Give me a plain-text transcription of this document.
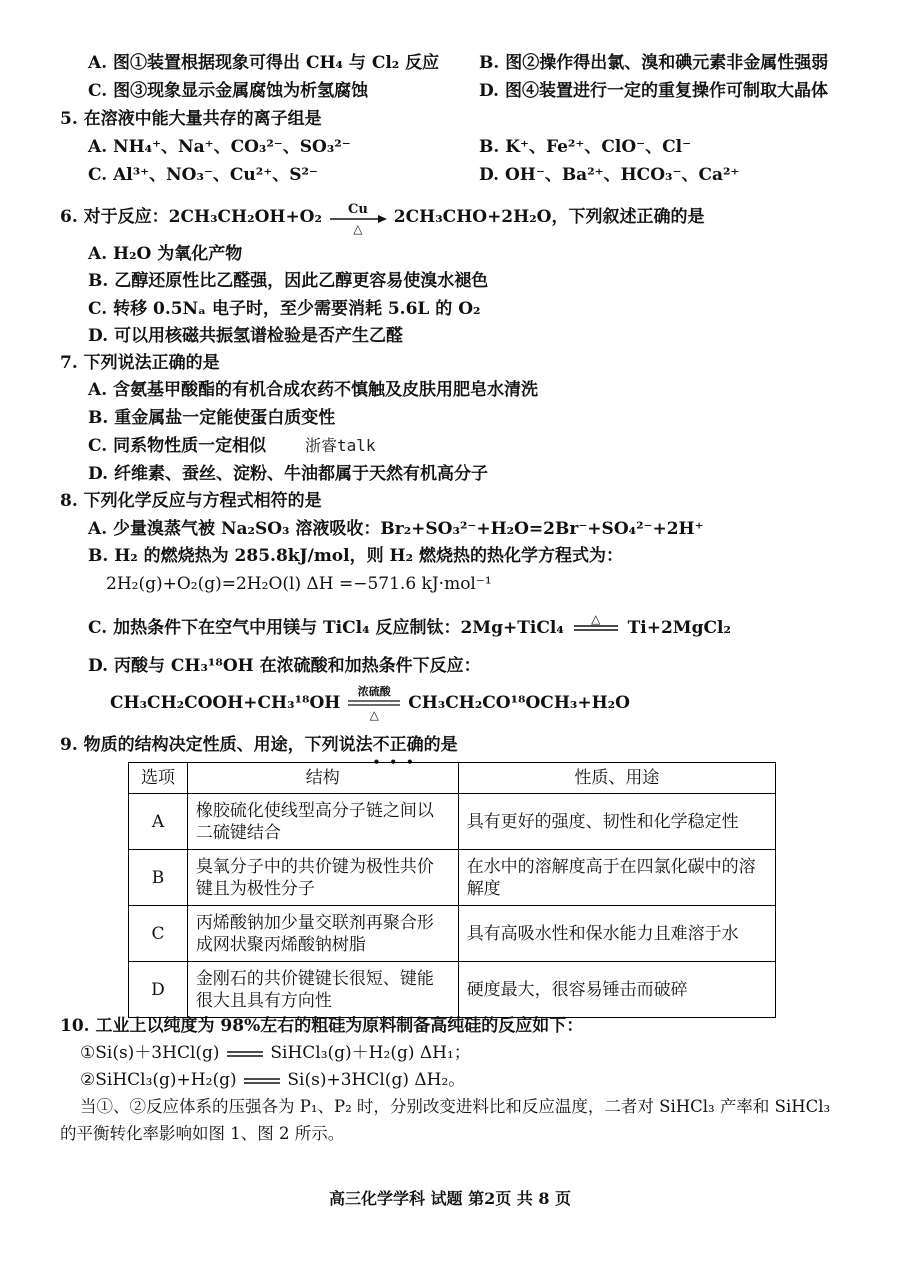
A. 图①装置根据现象可得出 CH₄ 与 Cl₂ 反应 B. 图②操作得出氯、溴和碘元素非金属性强弱
C. 图③现象显示金属腐蚀为析氢腐蚀	D. 图④装置进行一定的重复操作可制取大晶体
5. 在溶液中能大量共存的离子组是
A. NH₄⁺、Na⁺、CO₃²⁻、SO₃²⁻	B. K⁺、Fe²⁺、ClO⁻、Cl⁻
C. Al³⁺、NO₃⁻、Cu²⁺、S²⁻	D. OH⁻、Ba²⁺、HCO₃⁻、Ca²⁺
6. 对于反应：2CH₃CH₂OH+O₂	Cu
△
2CH₃CHO+2H₂O，下列叙述正确的是
A. H₂O 为氧化产物
B. 乙醇还原性比乙醛强，因此乙醇更容易使溴水褪色
C. 转移 0.5Nₐ 电子时，至少需要消耗 5.6L 的 O₂
D. 可以用核磁共振氢谱检验是否产生乙醛
7. 下列说法正确的是
A. 含氨基甲酸酯的有机合成农药不慎触及皮肤用肥皂水清洗
B. 重金属盐一定能使蛋白质变性
C. 同系物性质一定相似 浙睿talk
D. 纤维素、蚕丝、淀粉、牛油都属于天然有机高分子
8. 下列化学反应与方程式相符的是
A. 少量溴蒸气被 Na₂SO₃ 溶液吸收：Br₂+SO₃²⁻+H₂O=2Br⁻+SO₄²⁻+2H⁺
B. H₂ 的燃烧热为 285.8kJ/mol，则 H₂ 燃烧热的热化学方程式为：
2H₂(g)+O₂(g)=2H₂O(l) ΔH =−571.6 kJ·mol⁻¹
C. 加热条件下在空气中用镁与 TiCl₄ 反应制钛：2Mg+TiCl₄	△	Ti+2MgCl₂
D. 丙酸与 CH₃¹⁸OH 在浓硫酸和加热条件下反应：
CH₃CH₂COOH+CH₃¹⁸OH
浓硫酸
△
CH₃CH₂CO¹⁸OCH₃+H₂O
9. 物质的结构决定性质、用途，下列说法不正确
•••
的是
选项	结构	性质、用途
A	橡胶硫化使线型高分子链之间以二硫键结合	具有更好的强度、韧性和化学稳定性
B	臭氧分子中的共价键为极性共价键且为极性分子	在水中的溶解度高于在四氯化碳中的溶解度
C	丙烯酸钠加少量交联剂再聚合形成网状聚丙烯酸钠树脂	具有高吸水性和保水能力且难溶于水
D	金刚石的共价键键长很短、键能很大且具有方向性	硬度最大，很容易锤击而破碎
10. 工业上以纯度为 98%左右的粗硅为原料制备高纯硅的反应如下：
①Si(s)＋3HCl(g)	SiHCl₃(g)＋H₂(g) ΔH₁；
②SiHCl₃(g)+H₂(g)	Si(s)+3HCl(g) ΔH₂。
当①、②反应体系的压强各为 P₁、P₂ 时，分别改变进料比和反应温度，二者对 SiHCl₃ 产率和 SiHCl₃
的平衡转化率影响如图 1、图 2 所示。
高三化学学科 试题 第2页 共 8 页
